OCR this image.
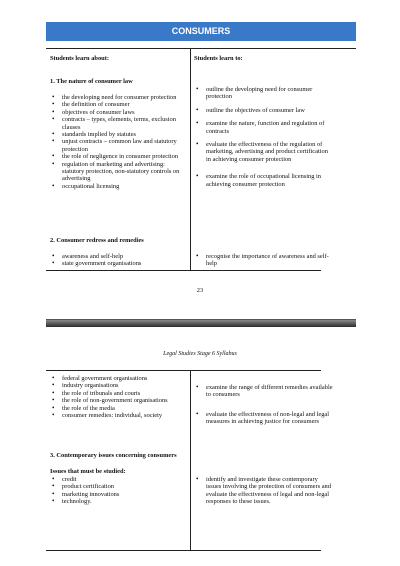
CONSUMERS
Students learn about:	Students learn to:
1. The nature of consumer law
• the developing need for consumer protection
• the definition of consumer
• objectives of consumer laws
• contracts – types, elements, terms, exclusion clauses
• standards implied by statutes
• unjust contracts – common law and statutory protection
• the role of negligence in consumer protection
• regulation of marketing and advertising: statutory protection, non-statutory controls on advertising
• occupational licensing
• outline the developing need for consumer protection
• outline the objectives of consumer law
• examine the nature, function and regulation of contracts
• evaluate the effectiveness of the regulation of marketing, advertising and product certification in achieving consumer protection
• examine the role of occupational licensing in achieving consumer protection
2. Consumer redress and remedies
• awareness and self-help
• state government organisations
• recognise the importance of awareness and self-help
23
Legal Studies Stage 6 Syllabus
• federal government organisations
• industry organisations
• the role of tribunals and courts
• the role of non-government organisations
• the role of the media
• consumer remedies: individual, society
• examine the range of different remedies available to consumers
• evaluate the effectiveness of non-legal and legal measures in achieving justice for consumers
3. Contemporary issues concerning consumers
Issues that must be studied:
• credit
• product certification
• marketing innovations
• technology.
• identify and investigate these contemporary issues involving the protection of consumers and evaluate the effectiveness of legal and non-legal responses to these issues.
